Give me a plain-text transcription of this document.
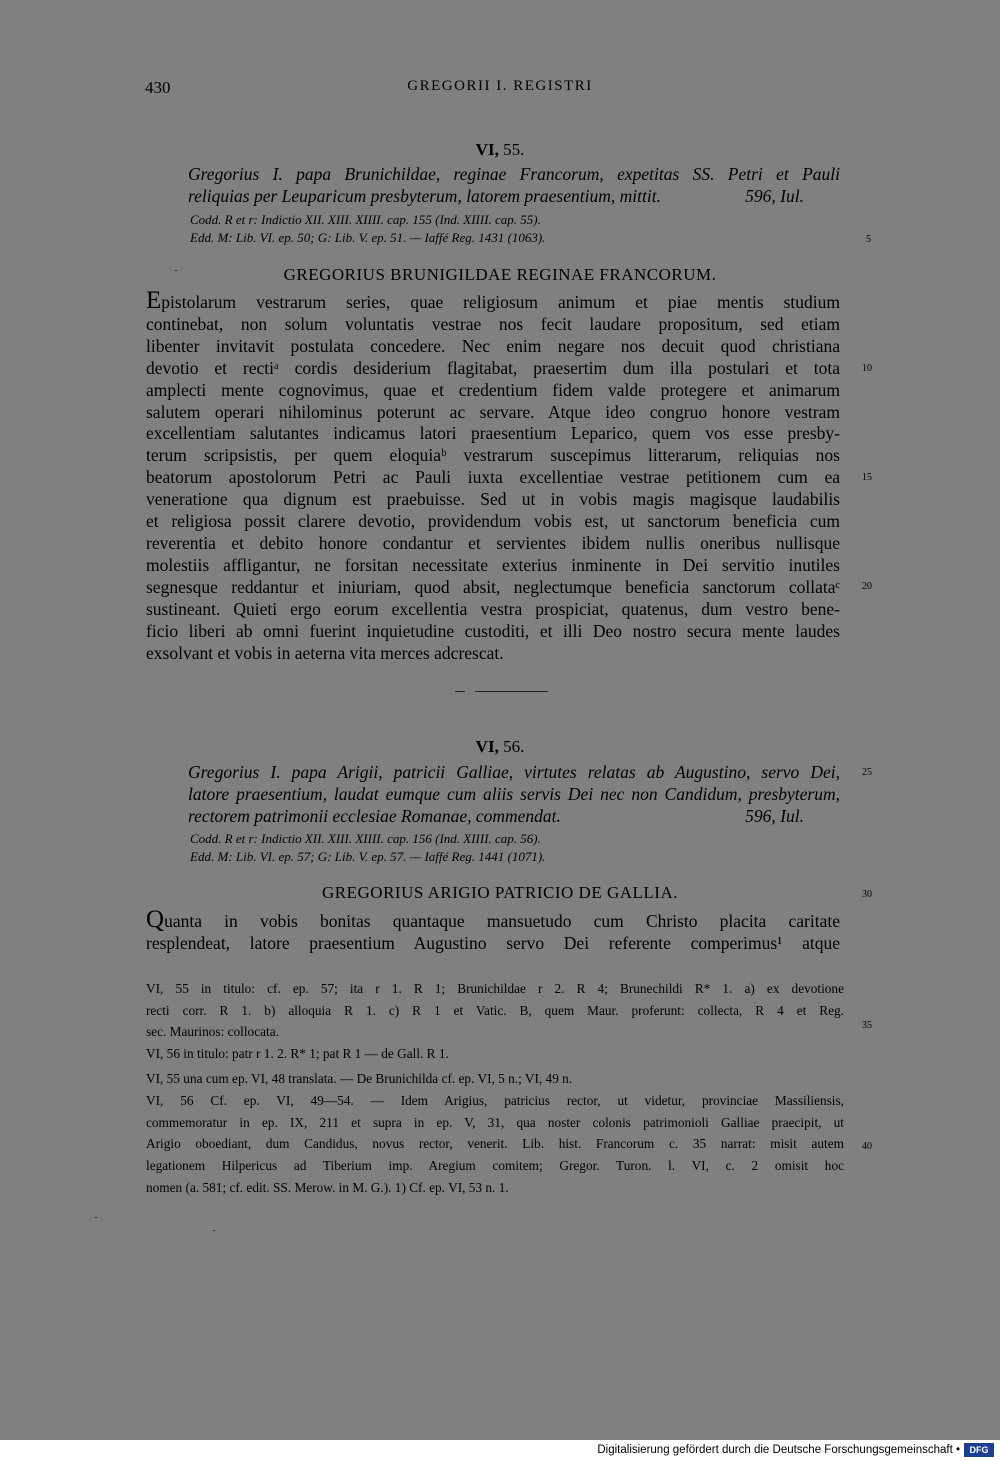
430	GREGORII I. REGISTRI
VI, 55.
Gregorius I. papa Brunichildae, reginae Francorum, expetitas SS. Petri et Pauli
reliquias per Leuparicum presbyterum, latorem praesentium, mittit.	596, Iul.
Codd. R et r: Indictio XII. XIII. XIIII. cap. 155 (Ind. XIIII. cap. 55).
Edd. M: Lib. VI. ep. 50; G: Lib. V. ep. 51. — Iaffé Reg. 1431 (1063).
GREGORIUS BRUNIGILDAE REGINAE FRANCORUM.
Epistolarum vestrarum series, quae religiosum animum et piae mentis studium
continebat, non solum voluntatis vestrae nos fecit laudare propositum, sed etiam
libenter invitavit postulata concedere. Nec enim negare nos decuit quod christiana
devotio et rectiᵃ cordis desiderium flagitabat, praesertim dum illa postulari et tota
amplecti mente cognovimus, quae et credentium fidem valde protegere et animarum
salutem operari nihilominus poterunt ac servare. Atque ideo congruo honore vestram
excellentiam salutantes indicamus latori praesentium Leparico, quem vos esse presby-
terum scripsistis, per quem eloquiaᵇ vestrarum suscepimus litterarum, reliquias nos
beatorum apostolorum Petri ac Pauli iuxta excellentiae vestrae petitionem cum ea
veneratione qua dignum est praebuisse. Sed ut in vobis magis magisque laudabilis
et religiosa possit clarere devotio, providendum vobis est, ut sanctorum beneficia cum
reverentia et debito honore condantur et servientes ibidem nullis oneribus nullisque
molestiis affligantur, ne forsitan necessitate exterius inminente in Dei servitio inutiles
segnesque reddantur et iniuriam, quod absit, neglectumque beneficia sanctorum collataᶜ
sustineant. Quieti ergo eorum excellentia vestra prospiciat, quatenus, dum vestro bene-
ficio liberi ab omni fuerint inquietudine custoditi, et illi Deo nostro secura mente laudes
exsolvant et vobis in aeterna vita merces adcrescat.
VI, 56.
Gregorius I. papa Arigii, patricii Galliae, virtutes relatas ab Augustino, servo Dei,
latore praesentium, laudat eumque cum aliis servis Dei nec non Candidum, presbyterum,
rectorem patrimonii ecclesiae Romanae, commendat.	596, Iul.
Codd. R et r: Indictio XII. XIII. XIIII. cap. 156 (Ind. XIIII. cap. 56).
Edd. M: Lib. VI. ep. 57; G: Lib. V. ep. 57. — Iaffé Reg. 1441 (1071).
GREGORIUS ARIGIO PATRICIO DE GALLIA.
Quanta in vobis bonitas quantaque mansuetudo cum Christo placita caritate
resplendeat, latore praesentium Augustino servo Dei referente comperimus¹ atque
5
10
15
20
25
30
35
40
VI, 55 in titulo: cf. ep. 57; ita r 1. R 1; Brunichildae r 2. R 4; Brunechildi R* 1. a) ex devotione
recti corr. R 1. b) alloquia R 1. c) R 1 et Vatic. B, quem Maur. proferunt: collecta, R 4 et Reg.
sec. Maurinos: collocata.
VI, 56 in titulo: patr r 1. 2. R* 1; pat R 1 — de Gall. R 1.
VI, 55 una cum ep. VI, 48 translata. — De Brunichilda cf. ep. VI, 5 n.; VI, 49 n.
VI, 56 Cf. ep. VI, 49—54. — Idem Arigius, patricius rector, ut videtur, provinciae Massiliensis,
commemoratur in ep. IX, 211 et supra in ep. V, 31, qua noster colonis patrimonioli Galliae praecipit, ut
Arigio oboediant, dum Candidus, novus rector, venerit. Lib. hist. Francorum c. 35 narrat: misit autem
legationem Hilpericus ad Tiberium imp. Aregium comitem; Gregor. Turon. l. VI, c. 2 omisit hoc
nomen (a. 581; cf. edit. SS. Merow. in M. G.). 1) Cf. ep. VI, 53 n. 1.
Digitalisierung gefördert durch die Deutsche Forschungsgemeinschaft •	DFG
